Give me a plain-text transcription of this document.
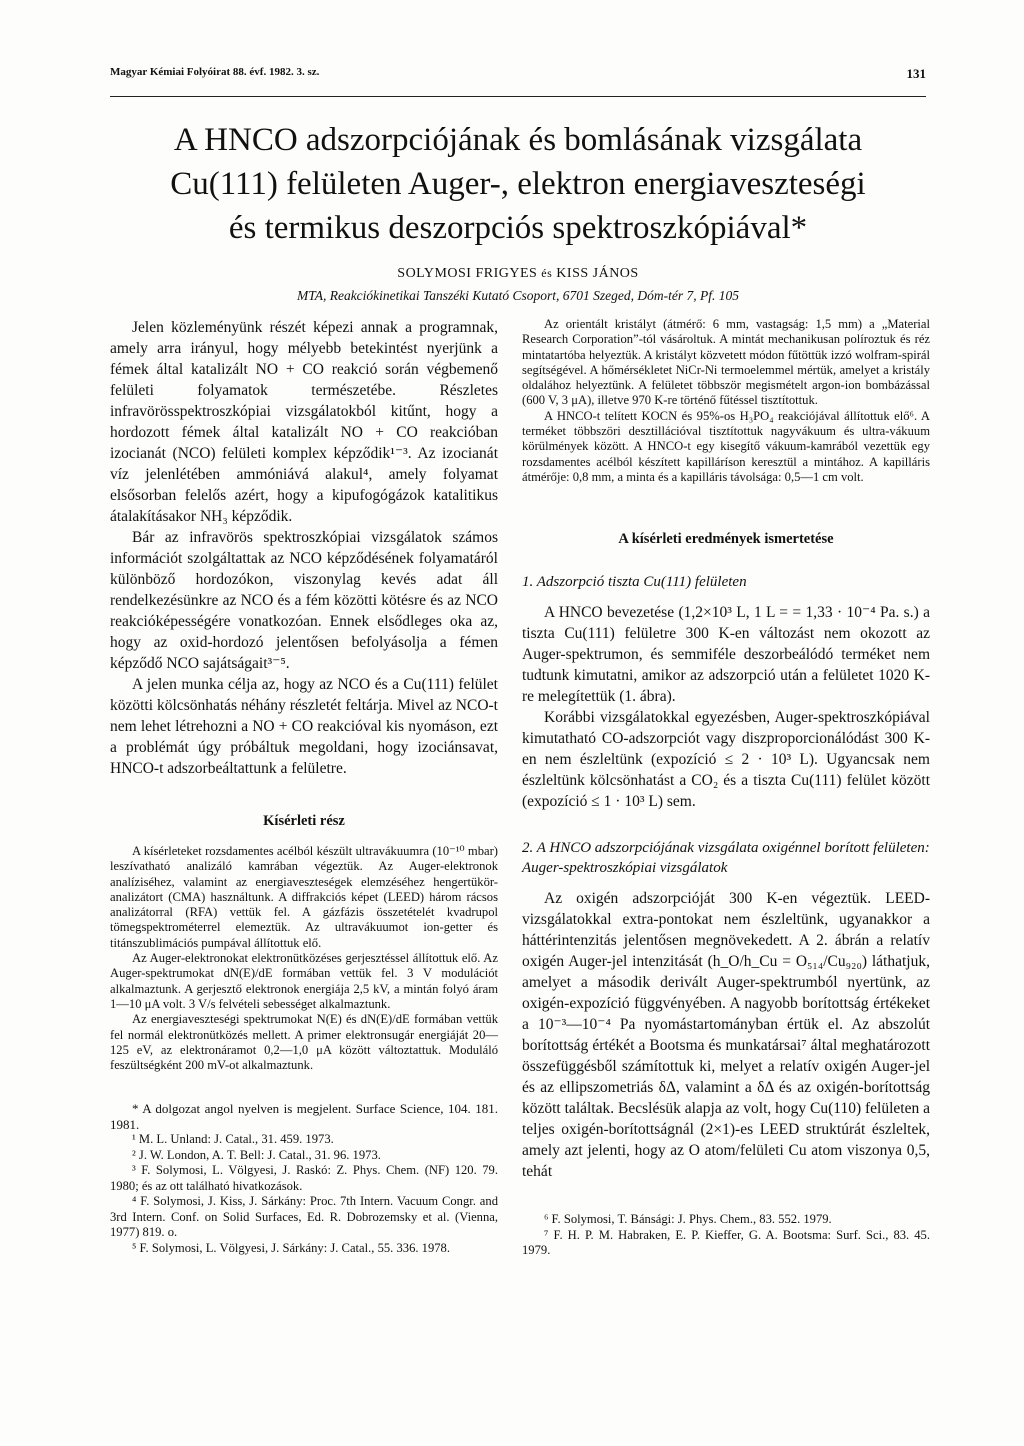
Magyar Kémiai Folyóirat 88. évf. 1982. 3. sz.	131
A HNCO adszorpciójának és bomlásának vizsgálata
Cu(111) felületen Auger-, elektron energiaveszteségi
és termikus deszorpciós spektroszkópiával*
SOLYMOSI FRIGYES és KISS JÁNOS
MTA, Reakciókinetikai Tanszéki Kutató Csoport, 6701 Szeged, Dóm-tér 7, Pf. 105

Jelen közleményünk részét képezi annak a programnak, amely arra irányul, hogy mélyebb betekintést nyerjünk a fémek által katalizált NO + CO reakció során végbemenő felületi folyamatok természetébe. Részletes infravörösspektroszkópiai vizsgálatokból kitűnt, hogy a hordozott fémek által katalizált NO + CO reakcióban izocianát (NCO) felületi komplex képződik¹⁻³. Az izocianát víz jelenlétében ammóniává alakul⁴, amely folyamat elsősorban felelős azért, hogy a kipufogógázok katalitikus átalakításakor NH₃ képződik.

Bár az infravörös spektroszkópiai vizsgálatok számos információt szolgáltattak az NCO képződésének folyamatáról különböző hordozókon, viszonylag kevés adat áll rendelkezésünkre az NCO és a fém közötti kötésre és az NCO reakcióképességére vonatkozóan. Ennek elsődleges oka az, hogy az oxid-hordozó jelentősen befolyásolja a fémen képződő NCO sajátságait³⁻⁵.

A jelen munka célja az, hogy az NCO és a Cu(111) felület közötti kölcsönhatás néhány részletét feltárja. Mivel az NCO-t nem lehet létrehozni a NO + CO reakcióval kis nyomáson, ezt a problémát úgy próbáltuk megoldani, hogy izociánsavat, HNCO-t adszorbeáltattunk a felületre.

Kísérleti rész

A kísérleteket rozsdamentes acélból készült ultravákuumra (10⁻¹⁰ mbar) leszívatható analizáló kamrában végeztük. Az Auger-elektronok analíziséhez, valamint az energiaveszteségek elemzéséhez hengertükör-analizátort (CMA) használtunk. A diffrakciós képet (LEED) három rácsos analizátorral (RFA) vettük fel. A gázfázis összetételét kvadrupol tömegspektrométerrel elemeztük. Az ultravákuumot ion-getter és titánszublimációs pumpával állítottuk elő.

Az Auger-elektronokat elektronütközéses gerjesztéssel állítottuk elő. Az Auger-spektrumokat dN(E)/dE formában vettük fel. 3 V modulációt alkalmaztunk. A gerjesztő elektronok energiája 2,5 kV, a mintán folyó áram 1—10 μA volt. 3 V/s felvételi sebességet alkalmaztunk.

Az energiaveszteségi spektrumokat N(E) és dN(E)/dE formában vettük fel normál elektronütközés mellett. A primer elektronsugár energiáját 20—125 eV, az elektronáramot 0,2—1,0 μA között változtattuk. Moduláló feszültségként 200 mV-ot alkalmaztunk.

* A dolgozat angol nyelven is megjelent. Surface Science, 104. 181. 1981.

¹ M. L. Unland: J. Catal., 31. 459. 1973.

² J. W. London, A. T. Bell: J. Catal., 31. 96. 1973.

³ F. Solymosi, L. Völgyesi, J. Raskó: Z. Phys. Chem. (NF) 120. 79. 1980; és az ott található hivatkozások.

⁴ F. Solymosi, J. Kiss, J. Sárkány: Proc. 7th Intern. Vacuum Congr. and 3rd Intern. Conf. on Solid Surfaces, Ed. R. Dobrozemsky et al. (Vienna, 1977) 819. o.

⁵ F. Solymosi, L. Völgyesi, J. Sárkány: J. Catal., 55. 336. 1978.

Az orientált kristályt (átmérő: 6 mm, vastagság: 1,5 mm) a „Material Research Corporation”-tól vásároltuk. A mintát mechanikusan políroztuk és réz mintatartóba helyeztük. A kristályt közvetett módon fűtöttük izzó wolfram-spirál segítségével. A hőmérsékletet NiCr-Ni termoelemmel mértük, amelyet a kristály oldalához helyeztünk. A felületet többször megismételt argon-ion bombázással (600 V, 3 μA), illetve 970 K-re történő fűtéssel tisztítottuk.

A HNCO-t telített KOCN és 95%-os H₃PO₄ reakciójával állítottuk elő⁶. A terméket többszöri desztillációval tisztítottuk nagyvákuum és ultra-vákuum körülmények között. A HNCO-t egy kisegítő vákuum-kamrából vezettük egy rozsdamentes acélból készített kapilláríson keresztül a mintához. A kapilláris átmérője: 0,8 mm, a minta és a kapilláris távolsága: 0,5—1 cm volt.

A kísérleti eredmények ismertetése
1. Adszorpció tiszta Cu(111) felületen

A HNCO bevezetése (1,2×10³ L, 1 L = = 1,33 · 10⁻⁴ Pa. s.) a tiszta Cu(111) felületre 300 K-en változást nem okozott az Auger-spektrumon, és semmiféle deszorbeálódó terméket nem tudtunk kimutatni, amikor az adszorpció után a felületet 1020 K-re melegítettük (1. ábra).

Korábbi vizsgálatokkal egyezésben, Auger-spektroszkópiával kimutatható CO-adszorpciót vagy diszproporcionálódást 300 K-en nem észleltünk (expozíció ≤ 2 · 10³ L). Ugyancsak nem észleltünk kölcsönhatást a CO₂ és a tiszta Cu(111) felület között (expozíció ≤ 1 · 10³ L) sem.

2. A HNCO adszorpciójának vizsgálata oxigénnel borított felületen: Auger-spektroszkópiai vizsgálatok

Az oxigén adszorpcióját 300 K-en végeztük. LEED-vizsgálatokkal extra-pontokat nem észleltünk, ugyanakkor a háttérintenzitás jelentősen megnövekedett. A 2. ábrán a relatív oxigén Auger-jel intenzitását (h_O/h_Cu = O₅₁₄/Cu₉₂₀) láthatjuk, amelyet a második derivált Auger-spektrumból nyertünk, az oxigén-expozíció függvényében. A nagyobb borítottság értékeket a 10⁻³—10⁻⁴ Pa nyomástartományban értük el. Az abszolút borítottság értékét a Bootsma és munkatársai⁷ által meghatározott összefüggésből számítottuk ki, melyet a relatív oxigén Auger-jel és az ellipszometriás δΔ, valamint a δΔ és az oxigén-borítottság között találtak. Becslésük alapja az volt, hogy Cu(110) felületen a teljes oxigén-borítottságnál (2×1)-es LEED struktúrát észleltek, amely azt jelenti, hogy az O atom/felületi Cu atom viszonya 0,5, tehát

⁶ F. Solymosi, T. Bánsági: J. Phys. Chem., 83. 552. 1979.

⁷ F. H. P. M. Habraken, E. P. Kieffer, G. A. Bootsma: Surf. Sci., 83. 45. 1979.
